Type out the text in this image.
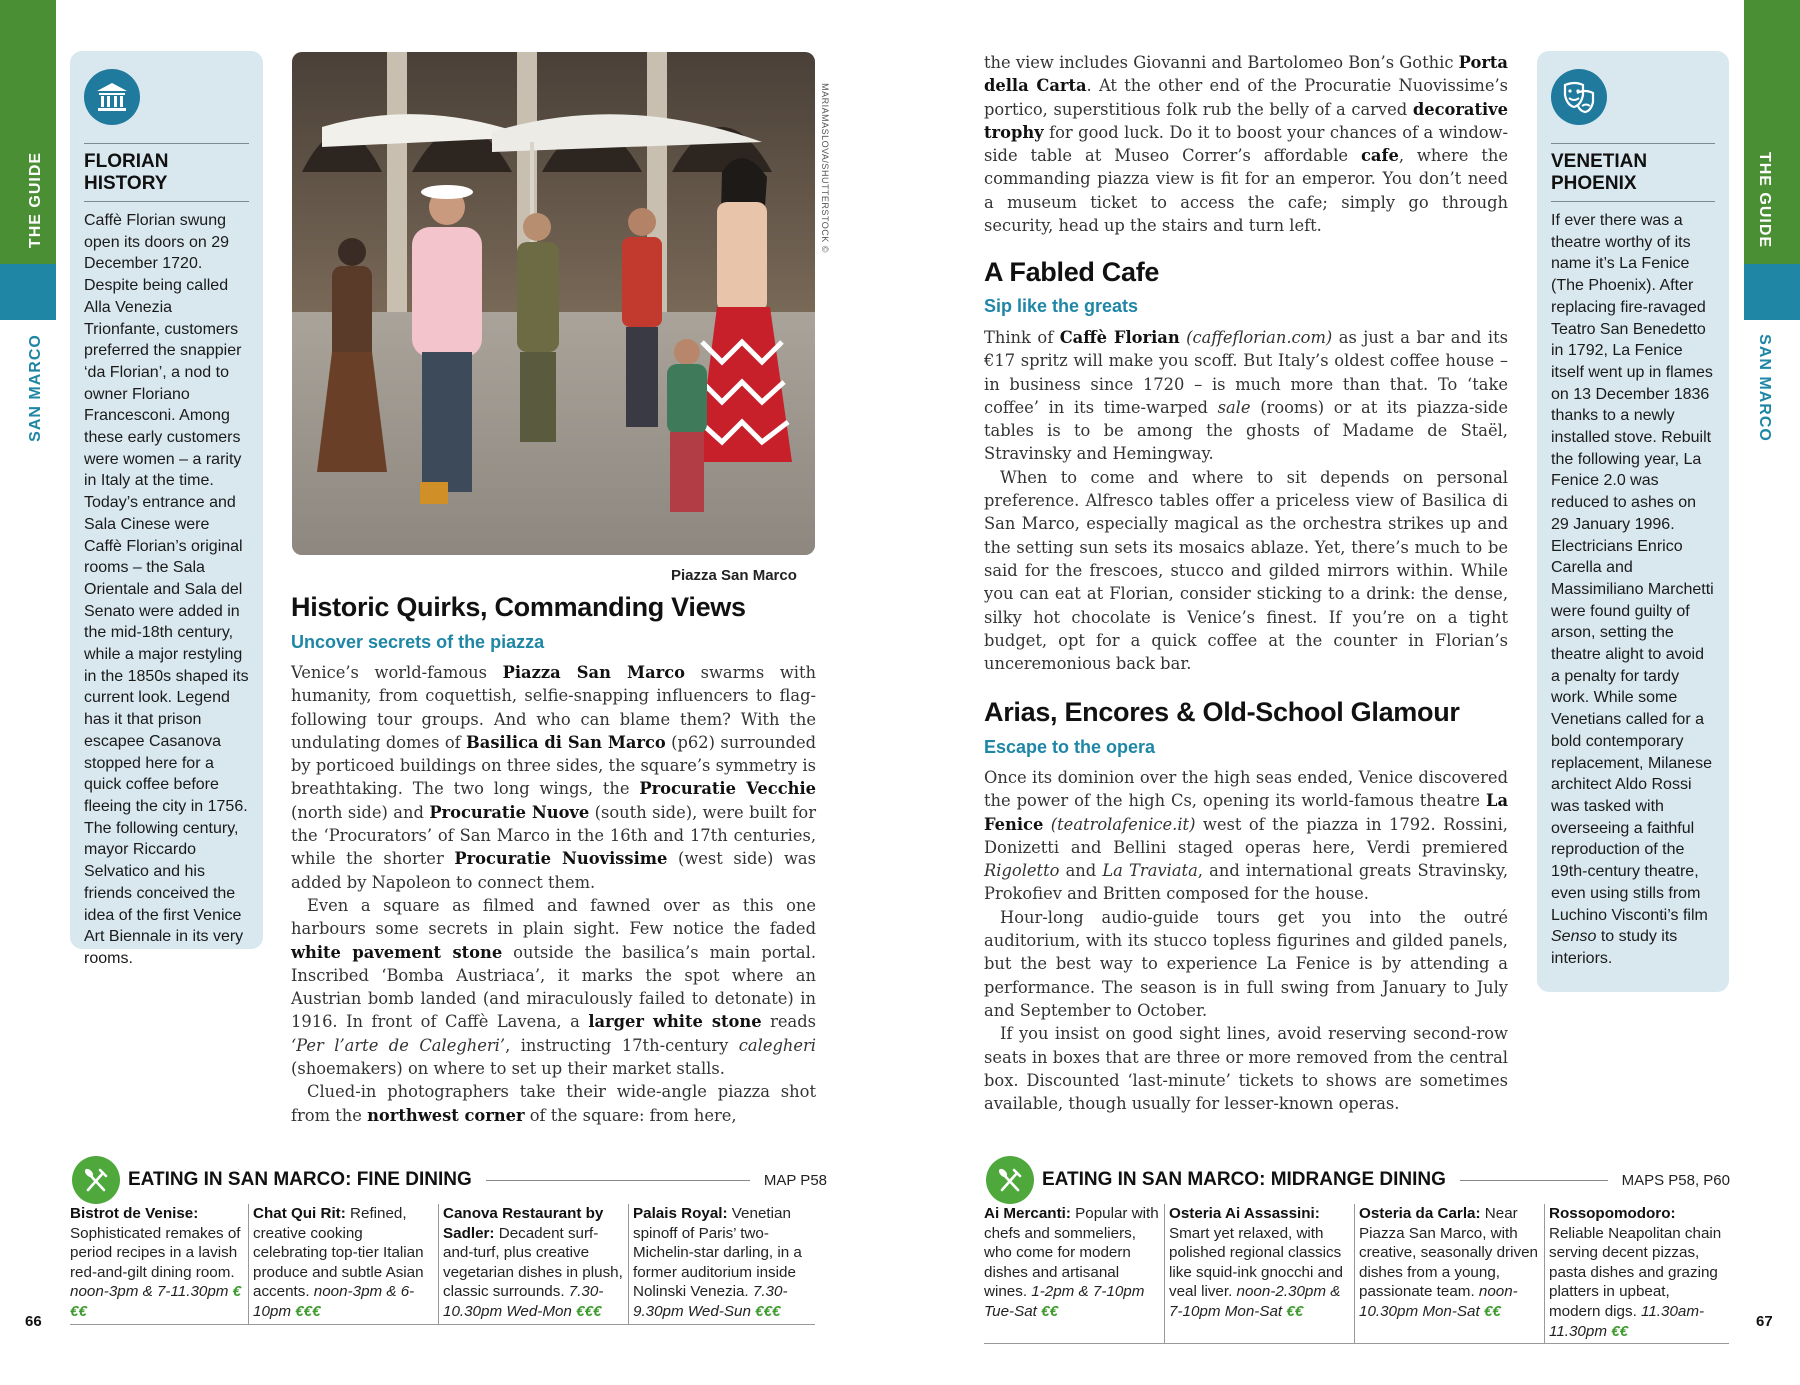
THE GUIDE
SAN MARCO
THE GUIDE
SAN MARCO
FLORIAN HISTORY

Caffè Florian swung open its doors on 29 December 1720. Despite being called Alla Venezia Trionfante, customers preferred the snappier ‘da Florian’, a nod to owner Floriano Francesconi. Among these early customers were women – a rarity in Italy at the time. Today’s entrance and Sala Cinese were Caffè Florian’s original rooms – the Sala Orientale and Sala del Senato were added in the mid-18th century, while a major restyling in the 1850s shaped its current look. Legend has it that prison escapee Casanova stopped here for a quick coffee before fleeing the city in 1756. The following century, mayor Riccardo Selvatico and his friends conceived the idea of the first Venice Art Biennale in its very rooms.

MARIAMASLOVA/SHUTTERSTOCK ©
Piazza San Marco
Historic Quirks, Commanding Views
Uncover secrets of the piazza

Venice’s world-famous Piazza San Marco swarms with humanity, from coquettish, selfie-snapping influencers to flag-following tour groups. And who can blame them? With the undulating domes of Basilica di San Marco (p62) surrounded by porticoed buildings on three sides, the square’s symmetry is breathtaking. The two long wings, the Procuratie Vecchie (north side) and Procuratie Nuove (south side), were built for the ‘Procurators’ of San Marco in the 16th and 17th centuries, while the shorter Procuratie Nuovissime (west side) was added by Napoleon to connect them.

Even a square as filmed and fawned over as this one harbours some secrets in plain sight. Few notice the faded white pavement stone outside the basilica’s main portal. Inscribed ‘Bomba Austriaca’, it marks the spot where an Austrian bomb landed (and miraculously failed to detonate) in 1916. In front of Caffè Lavena, a larger white stone reads ‘Per l’arte de Calegheri’, instructing 17th-century calegheri (shoemakers) on where to set up their market stalls.

Clued-in photographers take their wide-angle piazza shot from the northwest corner of the square: from here,

the view includes Giovanni and Bartolomeo Bon’s Gothic Porta della Carta. At the other end of the Procuratie Nuovissime’s portico, superstitious folk rub the belly of a carved decorative trophy for good luck. Do it to boost your chances of a window-side table at Museo Correr’s affordable cafe, where the commanding piazza view is fit for an emperor. You don’t need a museum ticket to access the cafe; simply go through security, head up the stairs and turn left.

A Fabled Cafe
Sip like the greats

Think of Caffè Florian (caffeflorian.com) as just a bar and its €17 spritz will make you scoff. But Italy’s oldest coffee house – in business since 1720 – is much more than that. To ‘take coffee’ in its time-warped sale (rooms) or at its piazza-side tables is to be among the ghosts of Madame de Staël, Stravinsky and Hemingway.

When to come and where to sit depends on personal preference. Alfresco tables offer a priceless view of Basilica di San Marco, especially magical as the orchestra strikes up and the setting sun sets its mosaics ablaze. Yet, there’s much to be said for the frescoes, stucco and gilded mirrors within. While you can eat at Florian, consider sticking to a drink: the dense, silky hot chocolate is Venice’s finest. If you’re on a tight budget, opt for a quick coffee at the counter in Florian’s unceremonious back bar.

Arias, Encores & Old-School Glamour
Escape to the opera

Once its dominion over the high seas ended, Venice discovered the power of the high Cs, opening its world-famous theatre La Fenice (teatrolafenice.it) west of the piazza in 1792. Rossini, Donizetti and Bellini staged operas here, Verdi premiered Rigoletto and La Traviata, and international greats Stravinsky, Prokofiev and Britten composed for the house.

Hour-long audio-guide tours get you into the outré auditorium, with its stucco topless figurines and gilded panels, but the best way to experience La Fenice is by attending a performance. The season is in full swing from January to July and September to October.

If you insist on good sight lines, avoid reserving second-row seats in boxes that are three or more removed from the central box. Discounted ‘last-minute’ tickets to shows are sometimes available, though usually for lesser-known operas.

VENETIAN PHOENIX

If ever there was a theatre worthy of its name it’s La Fenice (The Phoenix). After replacing fire-ravaged Teatro San Benedetto in 1792, La Fenice itself went up in flames on 13 December 1836 thanks to a newly installed stove. Rebuilt the following year, La Fenice 2.0 was reduced to ashes on 29 January 1996. Electricians Enrico Carella and Massimiliano Marchetti were found guilty of arson, setting the theatre alight to avoid a penalty for tardy work. While some Venetians called for a bold contemporary replacement, Milanese architect Aldo Rossi was tasked with overseeing a faithful reproduction of the 19th-century theatre, even using stills from Luchino Visconti’s film Senso to study its interiors.

EATING IN SAN MARCO: FINE DINING	MAP P58
Bistrot de Venise: Sophisticated remakes of period recipes in a lavish red-and-gilt dining room. noon-3pm & 7-11.30pm €€€
Chat Qui Rit: Refined, creative cooking celebrating top-tier Italian produce and subtle Asian accents. noon-3pm & 6-10pm €€€
Canova Restaurant by Sadler: Decadent surf-and-turf, plus creative vegetarian dishes in plush, classic surrounds. 7.30-10.30pm Wed-Mon €€€
Palais Royal: Venetian spinoff of Paris’ two-Michelin-star darling, in a former auditorium inside Nolinski Venezia. 7.30-9.30pm Wed-Sun €€€
EATING IN SAN MARCO: MIDRANGE DINING	MAPS P58, P60
Ai Mercanti: Popular with chefs and sommeliers, who come for modern dishes and artisanal wines. 1-2pm & 7-10pm Tue-Sat €€
Osteria Ai Assassini: Smart yet relaxed, with polished regional classics like squid-ink gnocchi and veal liver. noon-2.30pm & 7-10pm Mon-Sat €€
Osteria da Carla: Near Piazza San Marco, with creative, seasonally driven dishes from a young, passionate team. noon-10.30pm Mon-Sat €€
Rossopomodoro: Reliable Neapolitan chain serving decent pizzas, pasta dishes and grazing platters in upbeat, modern digs. 11.30am-11.30pm €€
66	67
